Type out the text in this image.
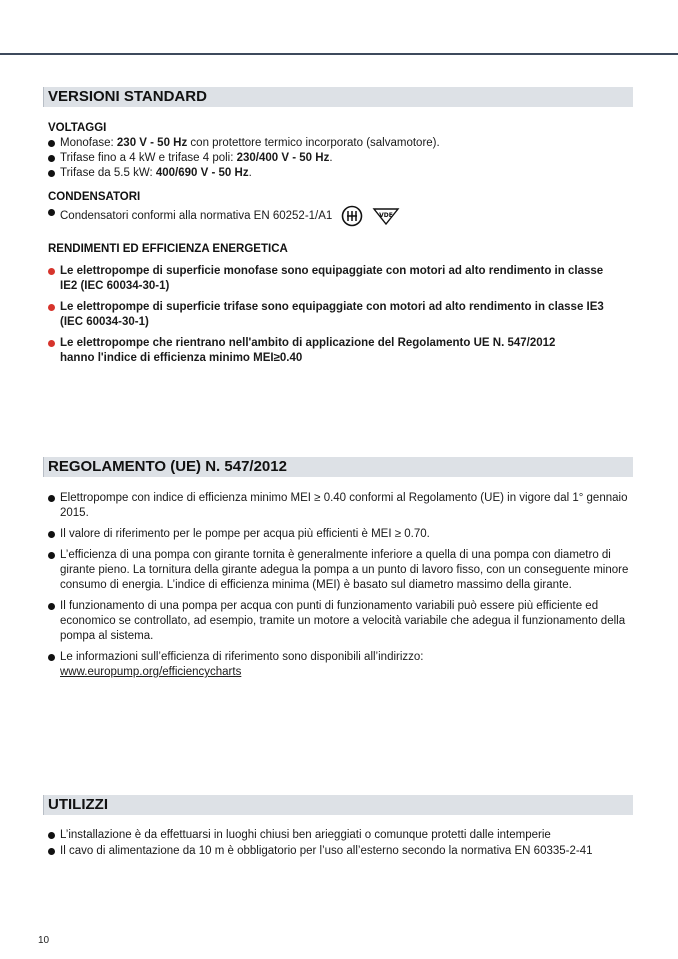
VERSIONI STANDARD
VOLTAGGI
Monofase: 230 V - 50 Hz con protettore termico incorporato (salvamotore).
Trifase fino a 4 kW e trifase 4 poli: 230/400 V - 50 Hz.
Trifase da 5.5 kW: 400/690 V - 50 Hz.
CONDENSATORI
Condensatori conformi alla normativa EN 60252-1/A1	VDE
RENDIMENTI ED EFFICIENZA ENERGETICA
Le elettropompe di superficie monofase sono equipaggiate con motori ad alto rendimento in classe IE2 (IEC 60034-30-1)
Le elettropompe di superficie trifase sono equipaggiate con motori ad alto rendimento in classe IE3 (IEC 60034-30-1)
Le elettropompe che rientrano nell'ambito di applicazione del Regolamento UE N. 547/2012 hanno l'indice di efficienza minimo MEI≥0.40
REGOLAMENTO (UE) N. 547/2012
Elettropompe con indice di efficienza minimo MEI ≥ 0.40 conformi al Regolamento (UE) in vigore dal 1° gennaio 2015.
Il valore di riferimento per le pompe per acqua più efficienti è MEI ≥ 0.70.
L’efficienza di una pompa con girante tornita è generalmente inferiore a quella di una pompa con diametro di girante pieno. La tornitura della girante adegua la pompa a un punto di lavoro fisso, con un conseguente minore consumo di energia. L’indice di efficienza minima (MEI) è basato sul diametro massimo della girante.
Il funzionamento di una pompa per acqua con punti di funzionamento variabili può essere più efficiente ed economico se controllato, ad esempio, tramite un motore a velocità variabile che adegua il funzionamento della pompa al sistema.
Le informazioni sull’efficienza di riferimento sono disponibili all’indirizzo:
www.europump.org/efficiencycharts
UTILIZZI
L’installazione è da effettuarsi in luoghi chiusi ben arieggiati o comunque protetti dalle intemperie
Il cavo di alimentazione da 10 m è obbligatorio per l’uso all’esterno secondo la normativa EN 60335-2-41
10
